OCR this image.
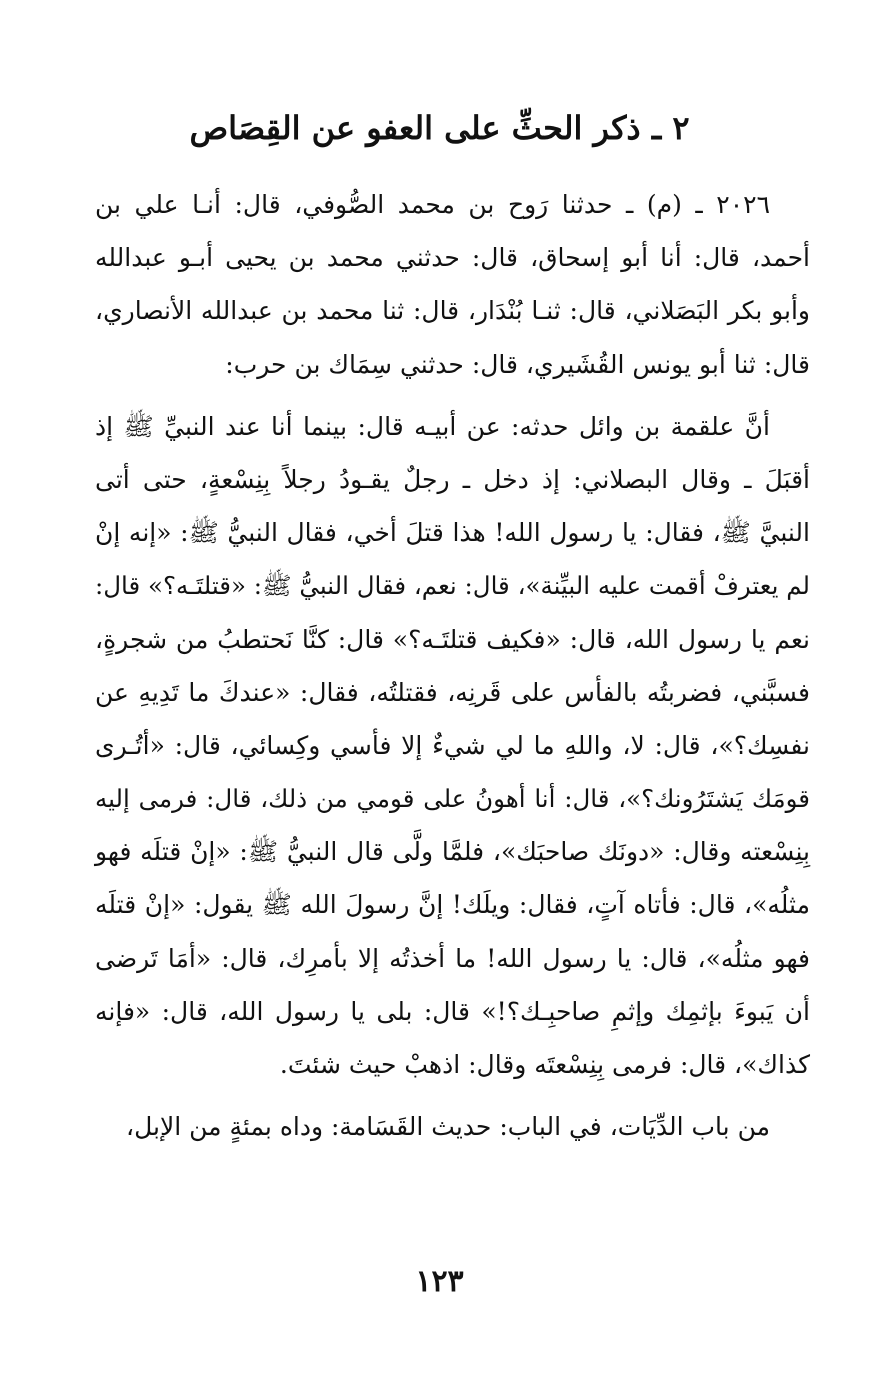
٢ ـ ذكر الحثِّ على العفو عن القِصَاص
٢٠٢٦ ـ (م) ـ حدثنا رَوح بن محمد الصُّوفي، قال: أنـا علي بن
أحمد، قال: أنا أبو إسحاق، قال: حدثني محمد بن يحيى أبـو عبدالله
وأبو بكر البَصَلاني، قال: ثنـا بُنْدَار، قال: ثنا محمد بن عبدالله الأنصاري،
قال: ثنا أبو يونس القُشَيري، قال: حدثني سِمَاك بن حرب:
أنَّ علقمة بن وائل حدثه: عن أبيـه قال: بينما أنا عند النبيِّ ﷺ إذ
أقبَلَ ـ وقال البصلاني: إذ دخل ـ رجلٌ يقـودُ رجلاً بِنِسْعةٍ، حتى أتى
النبيَّ ﷺ، فقال: يا رسول الله! هذا قتلَ أخي، فقال النبيُّ ﷺ: «إنه إنْ
لم يعترفْ أقمت عليه البيِّنة»، قال: نعم، فقال النبيُّ ﷺ: «قتلتَـه؟» قال:
نعم يا رسول الله، قال: «فكيف قتلتَـه؟» قال: كنَّا نَحتطبُ من شجرةٍ،
فسبَّني، فضربتُه بالفأس على قَرنِه، فقتلتُه، فقال: «عندكَ ما تَدِيهِ عن
نفسِك؟»، قال: لا، واللهِ ما لي شيءٌ إلا فأسي وكِسائي، قال: «أتُـرى
قومَك يَشتَرُونك؟»، قال: أنا أهونُ على قومي من ذلك، قال: فرمى إليه
بِنِسْعته وقال: «دونَك صاحبَك»، فلمَّا ولَّى قال النبيُّ ﷺ: «إنْ قتلَه فهو
مثلُه»، قال: فأتاه آتٍ، فقال: ويلَك! إنَّ رسولَ الله ﷺ يقول: «إنْ قتلَه
فهو مثلُه»، قال: يا رسول الله! ما أخذتُه إلا بأمرِك، قال: «أمَا تَرضى
أن يَبوءَ بإثمِك وإثمِ صاحبِـك؟!» قال: بلى يا رسول الله، قال: «فإنه
كذاك»، قال: فرمى بِنِسْعتَه وقال: اذهبْ حيث شئتَ.
من باب الدِّيَات، في الباب: حديث القَسَامة: وداه بمئةٍ من الإبل،
١٢٣
